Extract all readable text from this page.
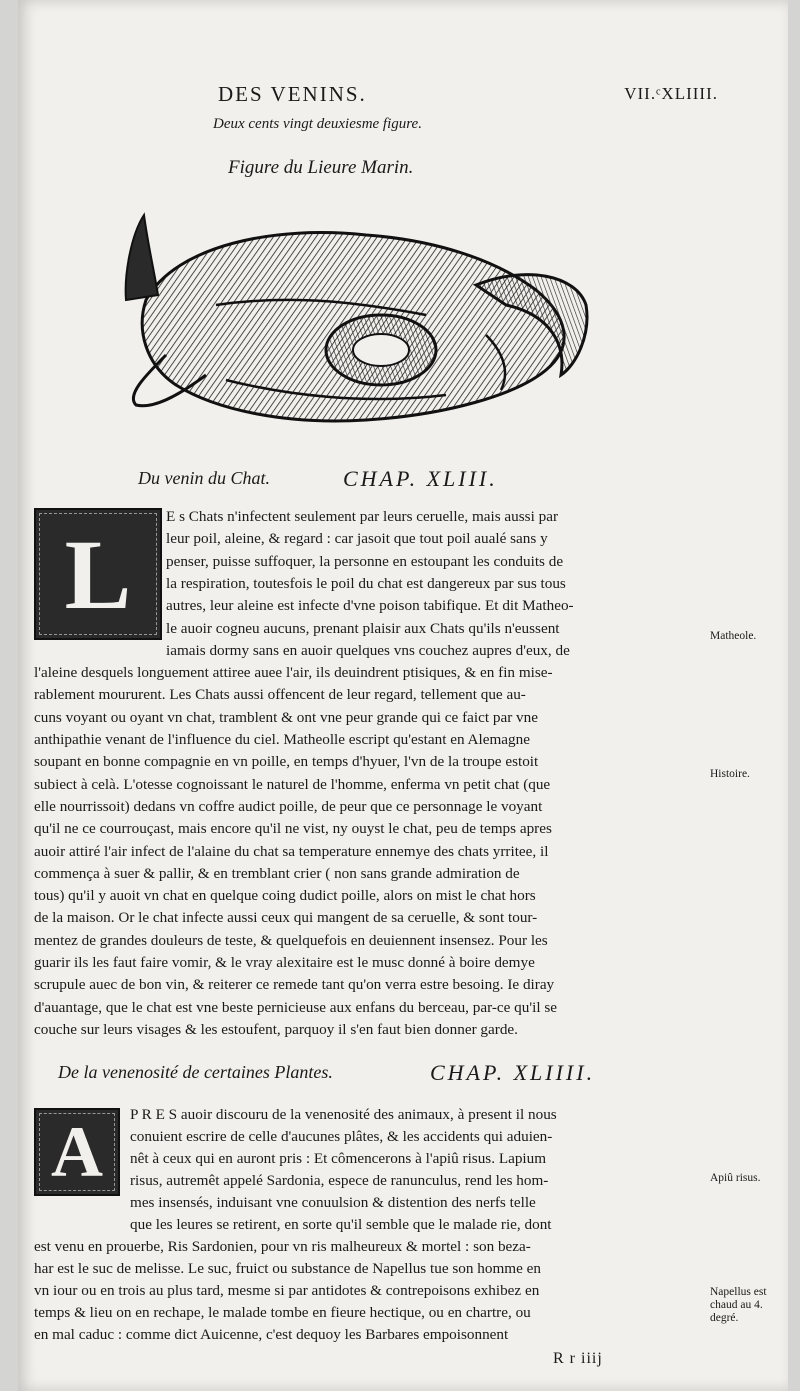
DES VENINS.	VII.ᶜXLIIII.
Deux cents vingt deuxiesme figure.
Figure du Lieure Marin.
Du venin du Chat.	CHAP. XLIII.
L
E s Chats n'infectent seulement par leurs ceruelle, mais aussi par
leur poil, aleine, & regard : car jasoit que tout poil aualé sans y
penser, puisse suffoquer, la personne en estoupant les conduits de
la respiration, toutesfois le poil du chat est dangereux par sus tous
autres, leur aleine est infecte d'vne poison tabifique. Et dit Matheo-
le auoir cogneu aucuns, prenant plaisir aux Chats qu'ils n'eussent
iamais dormy sans en auoir quelques vns couchez aupres d'eux, de
l'aleine desquels longuement attiree auee l'air, ils deuindrent ptisiques, & en fin mise-
rablement moururent. Les Chats aussi offencent de leur regard, tellement que au-
cuns voyant ou oyant vn chat, tramblent & ont vne peur grande qui ce faict par vne
anthipathie venant de l'influence du ciel. Matheolle escript qu'estant en Alemagne
soupant en bonne compagnie en vn poille, en temps d'hyuer, l'vn de la troupe estoit
subiect à celà. L'otesse cognoissant le naturel de l'homme, enferma vn petit chat (que
elle nourrissoit) dedans vn coffre audict poille, de peur que ce personnage le voyant
qu'il ne ce courrouçast, mais encore qu'il ne vist, ny ouyst le chat, peu de temps apres
auoir attiré l'air infect de l'alaine du chat sa temperature ennemye des chats yrritee, il
commença à suer & pallir, & en tremblant crier ( non sans grande admiration de
tous) qu'il y auoit vn chat en quelque coing dudict poille, alors on mist le chat hors
de la maison. Or le chat infecte aussi ceux qui mangent de sa ceruelle, & sont tour-
mentez de grandes douleurs de teste, & quelquefois en deuiennent insensez. Pour les
guarir ils les faut faire vomir, & le vray alexitaire est le musc donné à boire demye
scrupule auec de bon vin, & reiterer ce remede tant qu'on verra estre besoing. Ie diray
d'auantage, que le chat est vne beste pernicieuse aux enfans du berceau, par-ce qu'il se
couche sur leurs visages & les estoufent, parquoy il s'en faut bien donner garde.
De la venenosité de certaines Plantes.	CHAP. XLIIII.
A P R E S auoir discouru de la venenosité des animaux, à present il nous
conuient escrire de celle d'aucunes plâtes, & les accidents qui aduien-
nêt à ceux qui en auront pris : Et cômencerons à l'apiû risus. Lapium
risus, autremêt appelé Sardonia, espece de ranunculus, rend les hom-
mes insensés, induisant vne conuulsion & distention des nerfs telle
que les leures se retirent, en sorte qu'il semble que le malade rie, dont
est venu en prouerbe, Ris Sardonien, pour vn ris malheureux & mortel : son beza-
har est le suc de melisse. Le suc, fruict ou substance de Napellus tue son homme en
vn iour ou en trois au plus tard, mesme si par antidotes & contrepoisons exhibez en
temps & lieu on en rechape, le malade tombe en fieure hectique, ou en chartre, ou
en mal caduc : comme dict Auicenne, c'est dequoy les Barbares empoisonnent
Matheole.
Histoire.
Apiû risus.
Napellus est
chaud au 4.
degré.
R r iiij
